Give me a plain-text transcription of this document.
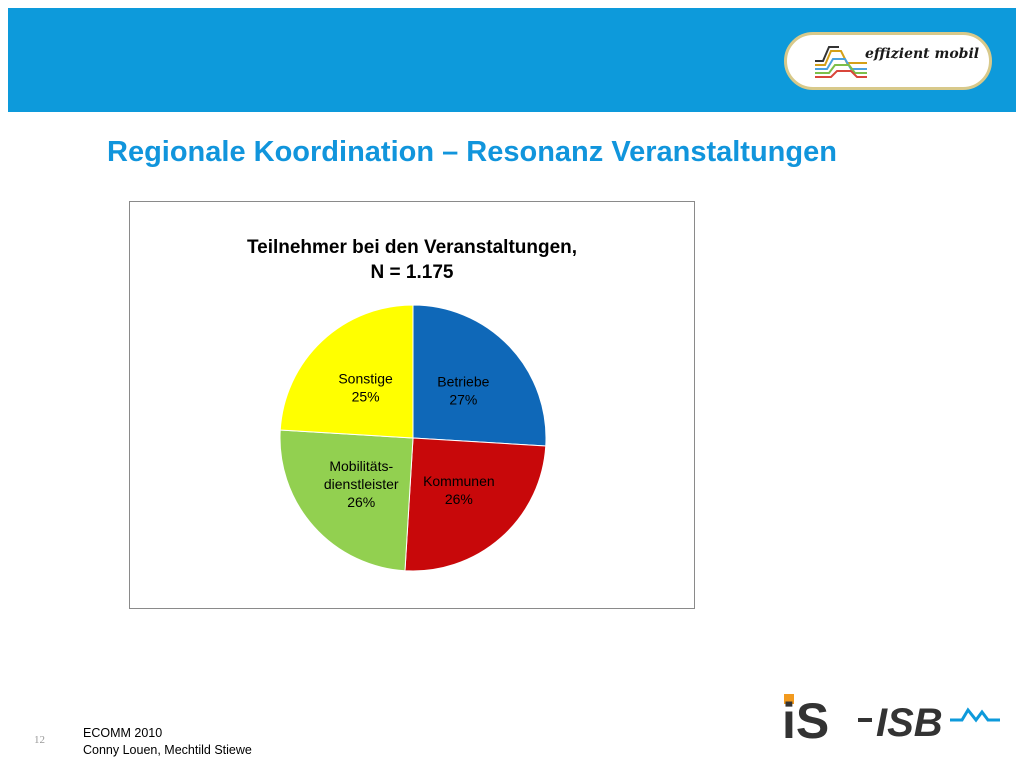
effizient mobil
Regionale Koordination – Resonanz Veranstaltungen
Teilnehmer bei den Veranstaltungen,
N = 1.175
Betriebe 27%
Kommunen 26%
Mobilitäts-dienstleister 26%
Sonstige 25%
12	ECOMM 2010
Conny Louen, Mechtild Stiewe
iS ISB
